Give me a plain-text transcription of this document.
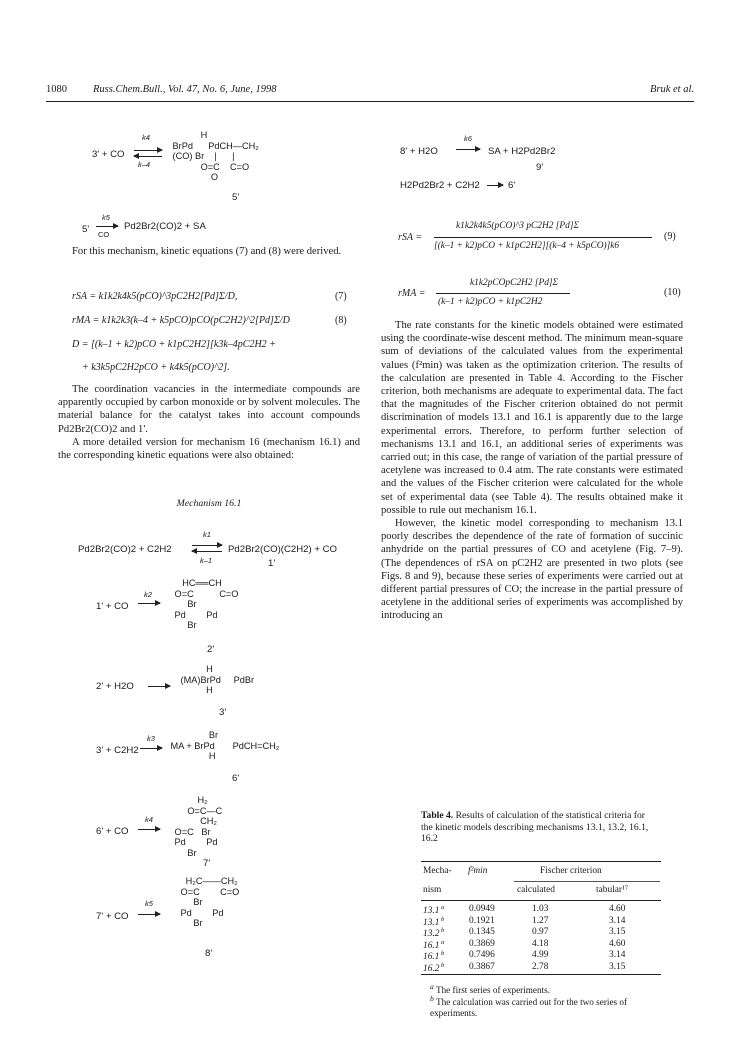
1080 Russ.Chem.Bull., Vol. 47, No. 6, June, 1998	Bruk et al.
3' + CO
k4
k–4
H
BrPd      PdCH—CH₂
(CO) Br    |      |
O=C    C=O
O
5'
5'
k5
CO
Pd2Br2(CO)2 + SA

For this mechanism, kinetic equations (7) and (8) were derived.

rSA = k1k2k4k5(pCO)^3pC2H2[Pd]Σ/D,	(7)
rMA = k1k2k3(k–4 + k5pCO)pCO(pC2H2)^2[Pd]Σ/D	(8)
D = [(k–1 + k2)pCO + k1pC2H2][k3k–4pC2H2 +
+ k3k5pC2H2pCO + k4k5(pCO)^2].

The coordination vacancies in the intermediate compounds are apparently occupied by carbon monoxide or by solvent molecules. The material balance for the catalyst takes into account compounds Pd2Br2(CO)2 and 1'.

A more detailed version for mechanism 16 (mechanism 16.1) and the corresponding kinetic equations were also obtained:

Mechanism 16.1
Pd2Br2(CO)2 + C2H2
k1
k–1
Pd2Br2(CO)(C2H2) + CO
1'
HC══CH
O=C          C=O
Br
Pd        Pd
Br
1' + CO
k2
2'
2' + H2O
H
(MA)BrPd     PdBr
H
3'
3' + C2H2
k3	Br
MA + BrPd       PdCH=CH₂
H
6'
6' + CO
k4
H₂
O=C—C
CH₂
O=C   Br
Pd        Pd
Br
7'
7' + CO
k5
H₂C——CH₂
O=C        C=O
Br
Pd        Pd
Br
8'
8' + H2O
k6
SA + H2Pd2Br2
9'
H2Pd2Br2 + C2H2	6'
rSA =
k1k2k4k5(pCO)^3 pC2H2 [Pd]Σ
[(k–1 + k2)pCO + k1pC2H2][(k–4 + k5pCO)]k6
(9)
rMA =
k1k2pCOpC2H2 [Pd]Σ
(k–1 + k2)pCO + k1pC2H2
(10)

The rate constants for the kinetic models obtained were estimated using the coordinate-wise descent method. The minimum mean-square sum of deviations of the calculated values from the experimental values (f²min) was taken as the optimization criterion. The results of the calculation are presented in Table 4. According to the Fischer criterion, both mechanisms are adequate to experimental data. The fact that the magnitudes of the Fischer criterion obtained do not permit discrimination of models 13.1 and 16.1 is apparently due to the large experimental errors. Therefore, to perform further selection of mechanisms 13.1 and 16.1, an additional series of experiments was carried out; in this case, the range of variation of the partial pressure of acetylene was increased to 0.4 atm. The rate constants were estimated and the values of the Fischer criterion were calculated for the whole set of experimental data (see Table 4). The results obtained make it possible to rule out mechanism 16.1.

However, the kinetic model corresponding to mechanism 13.1 poorly describes the dependence of the rate of formation of succinic anhydride on the partial pressures of CO and acetylene (Fig. 7–9). (The dependences of rSA on pC2H2 are presented in two plots (see Figs. 8 and 9), because these series of experiments were carried out at different partial pressures of CO; the increase in the partial pressure of acetylene in the additional series of experiments was accomplished by introducing an

Table 4. Results of calculation of the statistical criteria for the kinetic models describing mechanisms 13.1, 13.2, 16.1, 16.2
Mecha-
nism
f²min	Fischer criterion
calculated	tabular¹⁷
13.1 $^a$	0.0949	1.03	4.60
13.1 $^b$	0.1921	1.27	3.14
13.2 $^b$	0.1345	0.97	3.15
16.1 $^a$	0.3869	4.18	4.60
16.1 $^b$	0.7496	4.99	3.14
16.2 $^b$	0.3867	2.78	3.15
$^a$ The first series of experiments.
$^b$ The calculation was carried out for the two series of experiments.
